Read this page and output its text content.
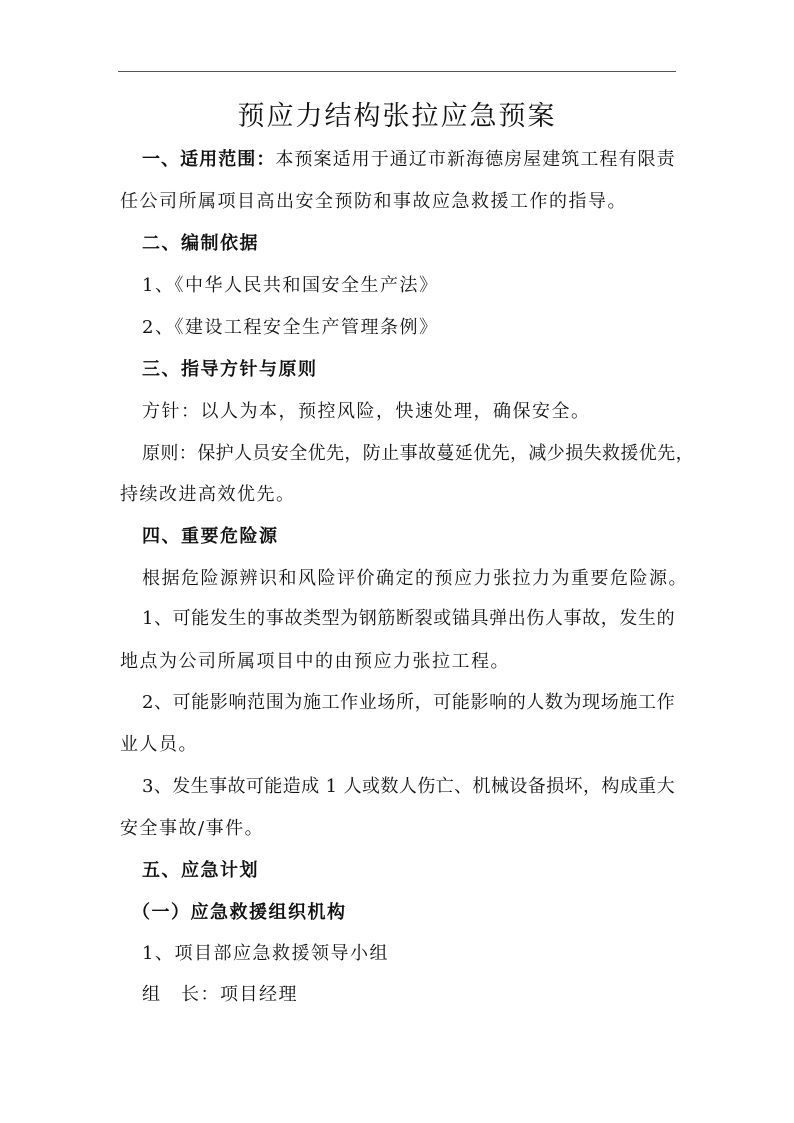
预应力结构张拉应急预案
一、适用范围：本预案适用于通辽市新海德房屋建筑工程有限责
任公司所属项目高出安全预防和事故应急救援工作的指导。
二、编制依据
1、《中华人民共和国安全生产法》
2、《建设工程安全生产管理条例》
三、指导方针与原则
方针：以人为本，预控风险，快速处理，确保安全。
原则：保护人员安全优先，防止事故蔓延优先，减少损失救援优先，
持续改进高效优先。
四、重要危险源
根据危险源辨识和风险评价确定的预应力张拉力为重要危险源。
1、可能发生的事故类型为钢筋断裂或锚具弹出伤人事故，发生的
地点为公司所属项目中的由预应力张拉工程。
2、可能影响范围为施工作业场所，可能影响的人数为现场施工作
业人员。
3、发生事故可能造成 1 人或数人伤亡、机械设备损坏，构成重大
安全事故/事件。
五、应急计划
（一）应急救援组织机构
1、项目部应急救援领导小组
组　长：项目经理
